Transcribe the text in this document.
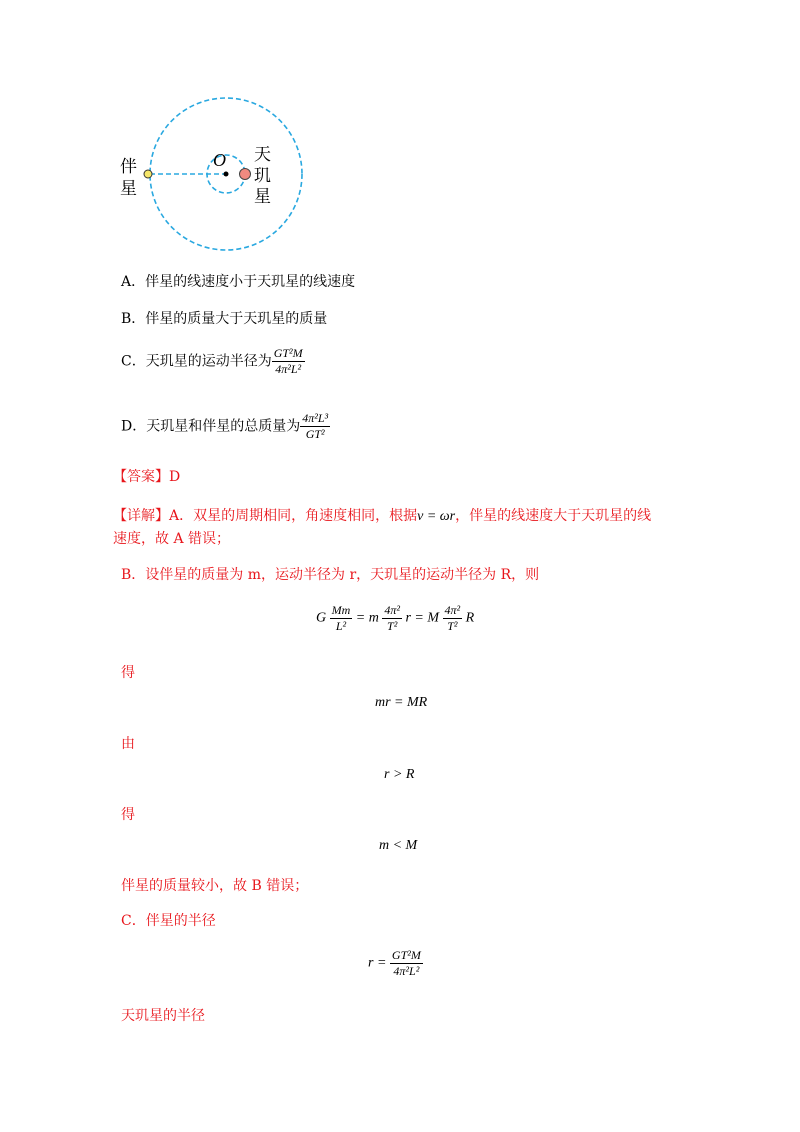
O
伴
星
天
玑
星
A．伴星的线速度小于天玑星的线速度
B．伴星的质量大于天玑星的质量
C．天玑星的运动半径为 $\frac{\text{GT²M}}{\text{4π²L²}}$
D．天玑星和伴星的总质量为 $\frac{\text{4π²L³}}{\text{GT²}}$
【答案】D
【详解】A．双星的周期相同，角速度相同，根据v = ωr，伴星的线速度大于天玑星的线
速度，故 A 错误；
B．设伴星的质量为 m，运动半径为 r，天玑星的运动半径为 R，则
G $\frac{Mm}{\text{L²}} = m \frac{\text{4π²}}{\text{T²}}$ r = M $\frac{\text{4π²}}{\text{T²}}$ R
得
mr = MR
由
r > R
得
m < M
伴星的质量较小，故 B 错误；
C．伴星的半径
$r = \frac{\text{GT²M}}{\text{4π²L²}}$
天玑星的半径
